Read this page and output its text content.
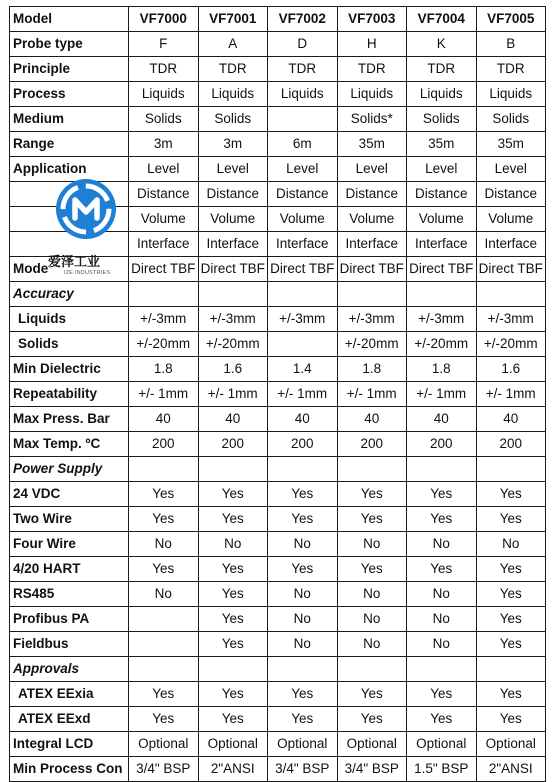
Model	VF7000	VF7001	VF7002	VF7003	VF7004	VF7005
Probe type	F	A	D	H	K	B
Principle	TDR	TDR	TDR	TDR	TDR	TDR
Process	Liquids	Liquids	Liquids	Liquids	Liquids	Liquids
Medium	Solids	Solids		Solids*	Solids	Solids
Range	3m	3m	6m	35m	35m	35m
Application	Level	Level	Level	Level	Level	Level
	Distance	Distance	Distance	Distance	Distance	Distance
	Volume	Volume	Volume	Volume	Volume	Volume
	Interface	Interface	Interface	Interface	Interface	Interface
Mode	Direct TBF	Direct TBF	Direct TBF	Direct TBF	Direct TBF	Direct TBF
Accuracy						
Liquids	+/-3mm	+/-3mm	+/-3mm	+/-3mm	+/-3mm	+/-3mm
Solids	+/-20mm	+/-20mm		+/-20mm	+/-20mm	+/-20mm
Min Dielectric	1.8	1.6	1.4	1.8	1.8	1.6
Repeatability	+/- 1mm	+/- 1mm	+/- 1mm	+/- 1mm	+/- 1mm	+/- 1mm
Max Press. Bar	40	40	40	40	40	40
Max Temp. ºC	200	200	200	200	200	200
Power Supply						
24 VDC	Yes	Yes	Yes	Yes	Yes	Yes
Two Wire	Yes	Yes	Yes	Yes	Yes	Yes
Four Wire	No	No	No	No	No	No
4/20 HART	Yes	Yes	Yes	Yes	Yes	Yes
RS485	No	Yes	No	No	No	Yes
Profibus PA		Yes	No	No	No	Yes
Fieldbus		Yes	No	No	No	Yes
Approvals						
ATEX EExia	Yes	Yes	Yes	Yes	Yes	Yes
ATEX EExd	Yes	Yes	Yes	Yes	Yes	Yes
Integral LCD	Optional	Optional	Optional	Optional	Optional	Optional
Min Process Con	3/4" BSP	2"ANSI	3/4" BSP	3/4" BSP	1.5" BSP	2"ANSI
爱泽工业
IZE INDUSTRIES
